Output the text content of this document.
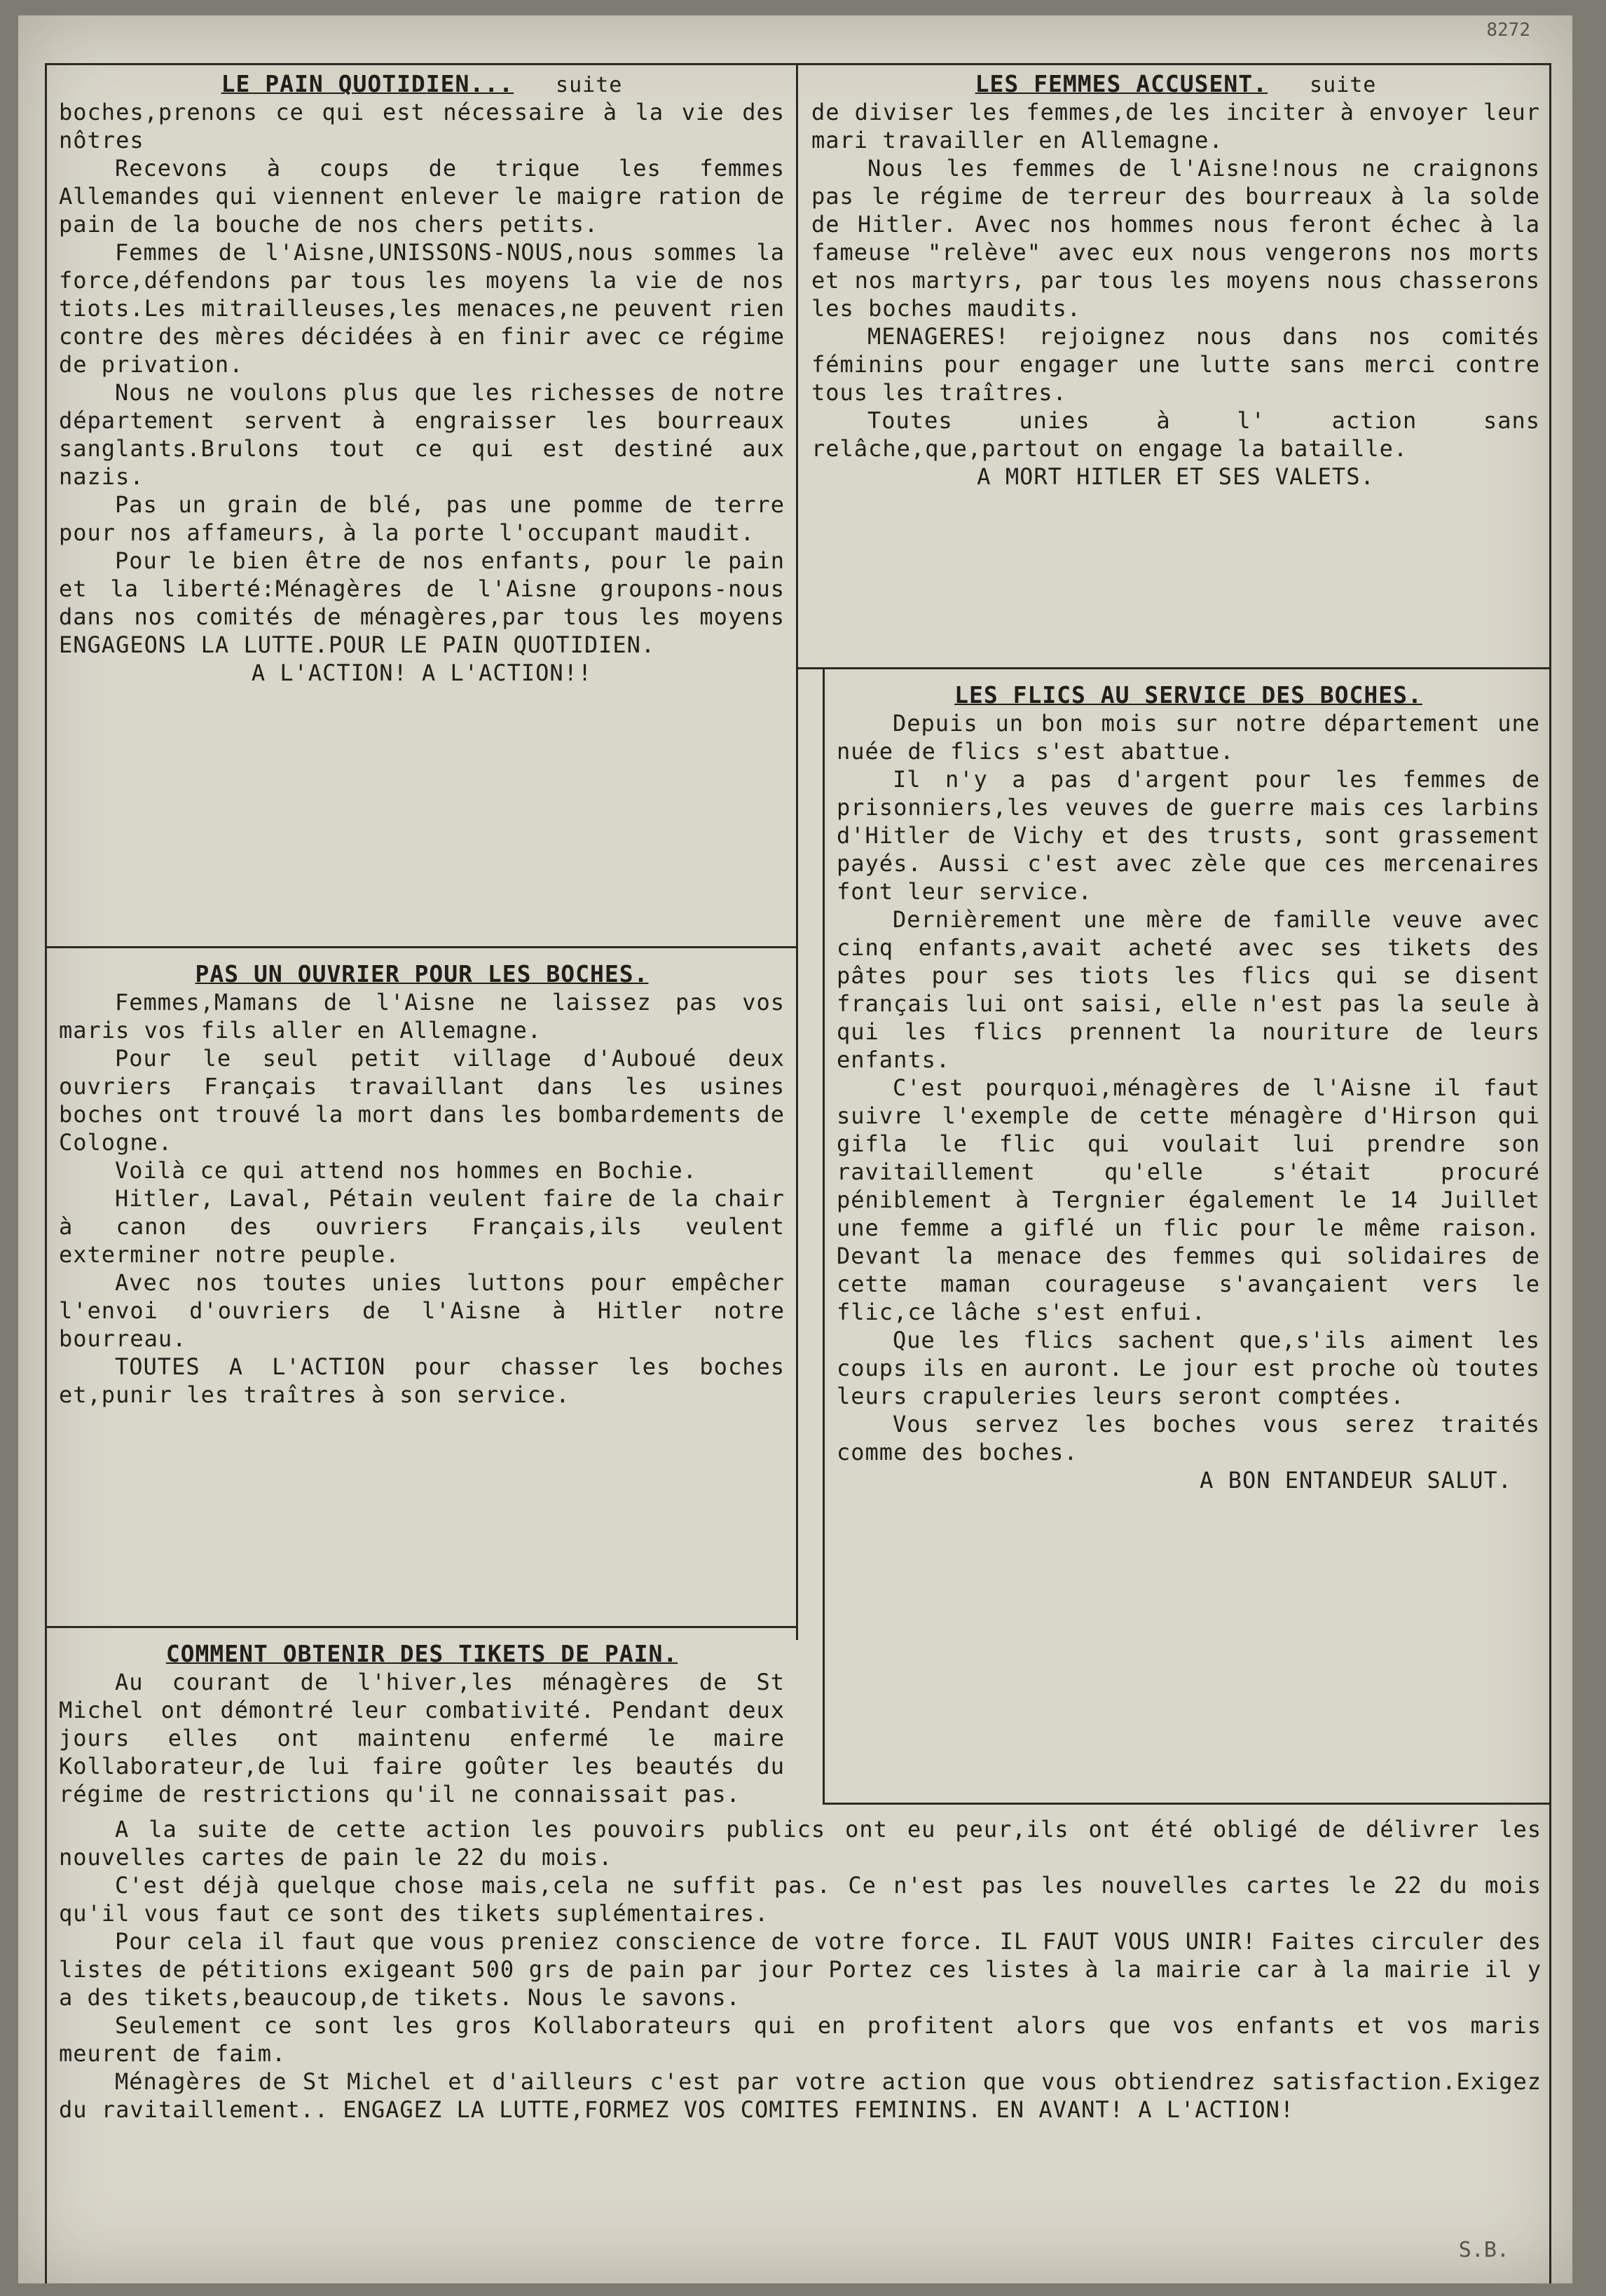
8272
LE PAIN QUOTIDIEN... suite

boches,prenons ce qui est nécessaire à la vie des nôtres

Recevons à coups de trique les femmes Allemandes qui viennent enlever le maigre ration de pain de la bouche de nos chers petits.

Femmes de l'Aisne,UNISSONS-NOUS,nous sommes la force,défendons par tous les moyens la vie de nos tiots.Les mitrailleuses,les menaces,ne peuvent rien contre des mères décidées à en finir avec ce régime de privation.

Nous ne voulons plus que les richesses de notre département servent à engraisser les bourreaux sanglants.Brulons tout ce qui est destiné aux nazis.

Pas un grain de blé, pas une pomme de terre pour nos affameurs, à la porte l'occupant maudit.

Pour le bien être de nos enfants, pour le pain et la liberté:Ménagères de l'Aisne groupons-nous dans nos comités de ménagères,par tous les moyens ENGAGEONS LA LUTTE.POUR LE PAIN QUOTIDIEN.

A L'ACTION! A L'ACTION!!

LES FEMMES ACCUSENT. suite

de diviser les femmes,de les inciter à envoyer leur mari travailler en Allemagne.

Nous les femmes de l'Aisne!nous ne craignons pas le régime de terreur des bourreaux à la solde de Hitler. Avec nos hommes nous feront échec à la fameuse "relève" avec eux nous vengerons nos morts et nos martyrs, par tous les moyens nous chasserons les boches maudits.

MENAGERES! rejoignez nous dans nos comités féminins pour engager une lutte sans merci contre tous les traîtres.

Toutes unies à l' action sans relâche,que,partout on engage la bataille.

A MORT HITLER ET SES VALETS.

LES FLICS AU SERVICE DES BOCHES.

Depuis un bon mois sur notre département une nuée de flics s'est abattue.

Il n'y a pas d'argent pour les femmes de prisonniers,les veuves de guerre mais ces larbins d'Hitler de Vichy et des trusts, sont grassement payés. Aussi c'est avec zèle que ces mercenaires font leur service.

Dernièrement une mère de famille veuve avec cinq enfants,avait acheté avec ses tikets des pâtes pour ses tiots les flics qui se disent français lui ont saisi, elle n'est pas la seule à qui les flics prennent la nouriture de leurs enfants.

C'est pourquoi,ménagères de l'Aisne il faut suivre l'exemple de cette ménagère d'Hirson qui gifla le flic qui voulait lui prendre son ravitaillement qu'elle s'était procuré péniblement à Tergnier également le 14 Juillet une femme a giflé un flic pour le même raison. Devant la menace des femmes qui solidaires de cette maman courageuse s'avançaient vers le flic,ce lâche s'est enfui.

Que les flics sachent que,s'ils aiment les coups ils en auront. Le jour est proche où toutes leurs crapuleries leurs seront comptées.

Vous servez les boches vous serez traités comme des boches.

A BON ENTANDEUR SALUT.

PAS UN OUVRIER POUR LES BOCHES.

Femmes,Mamans de l'Aisne ne laissez pas vos maris vos fils aller en Allemagne.

Pour le seul petit village d'Auboué deux ouvriers Français travaillant dans les usines boches ont trouvé la mort dans les bombardements de Cologne.

Voilà ce qui attend nos hommes en Bochie.

Hitler, Laval, Pétain veulent faire de la chair à canon des ouvriers Français,ils veulent exterminer notre peuple.

Avec nos toutes unies luttons pour empêcher l'envoi d'ouvriers de l'Aisne à Hitler notre bourreau.

TOUTES A L'ACTION pour chasser les boches et,punir les traîtres à son service.

COMMENT OBTENIR DES TIKETS DE PAIN.

Au courant de l'hiver,les ménagères de St Michel ont démontré leur combativité. Pendant deux jours elles ont maintenu enfermé le maire Kollaborateur,de lui faire goûter les beautés du régime de restrictions qu'il ne connaissait pas.

A la suite de cette action les pouvoirs publics ont eu peur,ils ont été obligé de délivrer les nouvelles cartes de pain le 22 du mois.

C'est déjà quelque chose mais,cela ne suffit pas. Ce n'est pas les nouvelles cartes le 22 du mois qu'il vous faut ce sont des tikets suplémentaires.

Pour cela il faut que vous preniez conscience de votre force. IL FAUT VOUS UNIR! Faites circuler des listes de pétitions exigeant 500 grs de pain par jour Portez ces listes à la mairie car à la mairie il y a des tikets,beaucoup,de tikets. Nous le savons.

Seulement ce sont les gros Kollaborateurs qui en profitent alors que vos enfants et vos maris meurent de faim.

Ménagères de St Michel et d'ailleurs c'est par votre action que vous obtiendrez satisfaction.Exigez du ravitaillement.. ENGAGEZ LA LUTTE,FORMEZ VOS COMITES FEMININS. EN AVANT! A L'ACTION!

S.B.
